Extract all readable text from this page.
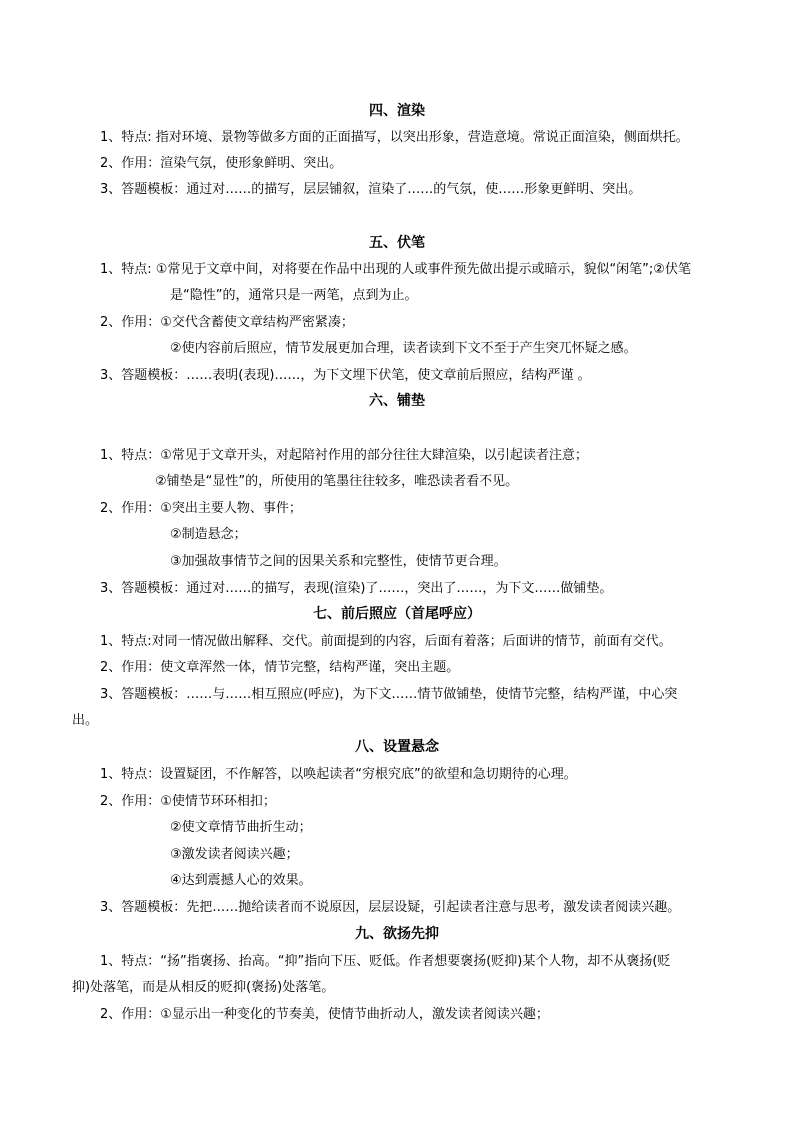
四、渲染
1、特点: 指对环境、景物等做多方面的正面描写，以突出形象，营造意境。常说正面渲染，侧面烘托。
2、作用：渲染气氛，使形象鲜明、突出。
3、答题模板：通过对……的描写，层层铺叙，渲染了……的气氛，使……形象更鲜明、突出。
五、伏笔
1、特点: ①常见于文章中间，对将要在作品中出现的人或事件预先做出提示或暗示，貌似“闲笔”;②伏笔
是“隐性”的，通常只是一两笔，点到为止。
2、作用：①交代含蓄使文章结构严密紧凑；
②使内容前后照应，情节发展更加合理，读者读到下文不至于产生突兀怀疑之感。
3、答题模板：……表明(表现)……，为下文埋下伏笔，使文章前后照应，结构严谨 。
六、铺垫
1、特点：①常见于文章开头，对起陪衬作用的部分往往大肆渲染，以引起读者注意；
②铺垫是“显性”的，所使用的笔墨往往较多，唯恐读者看不见。
2、作用：①突出主要人物、事件；
②制造悬念；
③加强故事情节之间的因果关系和完整性，使情节更合理。
3、答题模板：通过对……的描写，表现(渲染)了……，突出了……，为下文……做铺垫。
七、前后照应（首尾呼应）
1、特点:对同一情况做出解释、交代。前面提到的内容，后面有着落；后面讲的情节，前面有交代。
2、作用：使文章浑然一体，情节完整，结构严谨，突出主题。
3、答题模板：……与……相互照应(呼应)，为下文……情节做铺垫，使情节完整，结构严谨，中心突
出。
八、设置悬念
1、特点：设置疑团，不作解答，以唤起读者“穷根究底”的欲望和急切期待的心理。
2、作用：①使情节环环相扣；
②使文章情节曲折生动；
③激发读者阅读兴趣；
④达到震撼人心的效果。
3、答题模板：先把……抛给读者而不说原因，层层设疑，引起读者注意与思考，激发读者阅读兴趣。
九、欲扬先抑
1、特点：“扬”指褒扬、抬高。“抑”指向下压、贬低。作者想要褒扬(贬抑)某个人物，却不从褒扬(贬
抑)处落笔，而是从相反的贬抑(褒扬)处落笔。
2、作用：①显示出一种变化的节奏美，使情节曲折动人，激发读者阅读兴趣；
